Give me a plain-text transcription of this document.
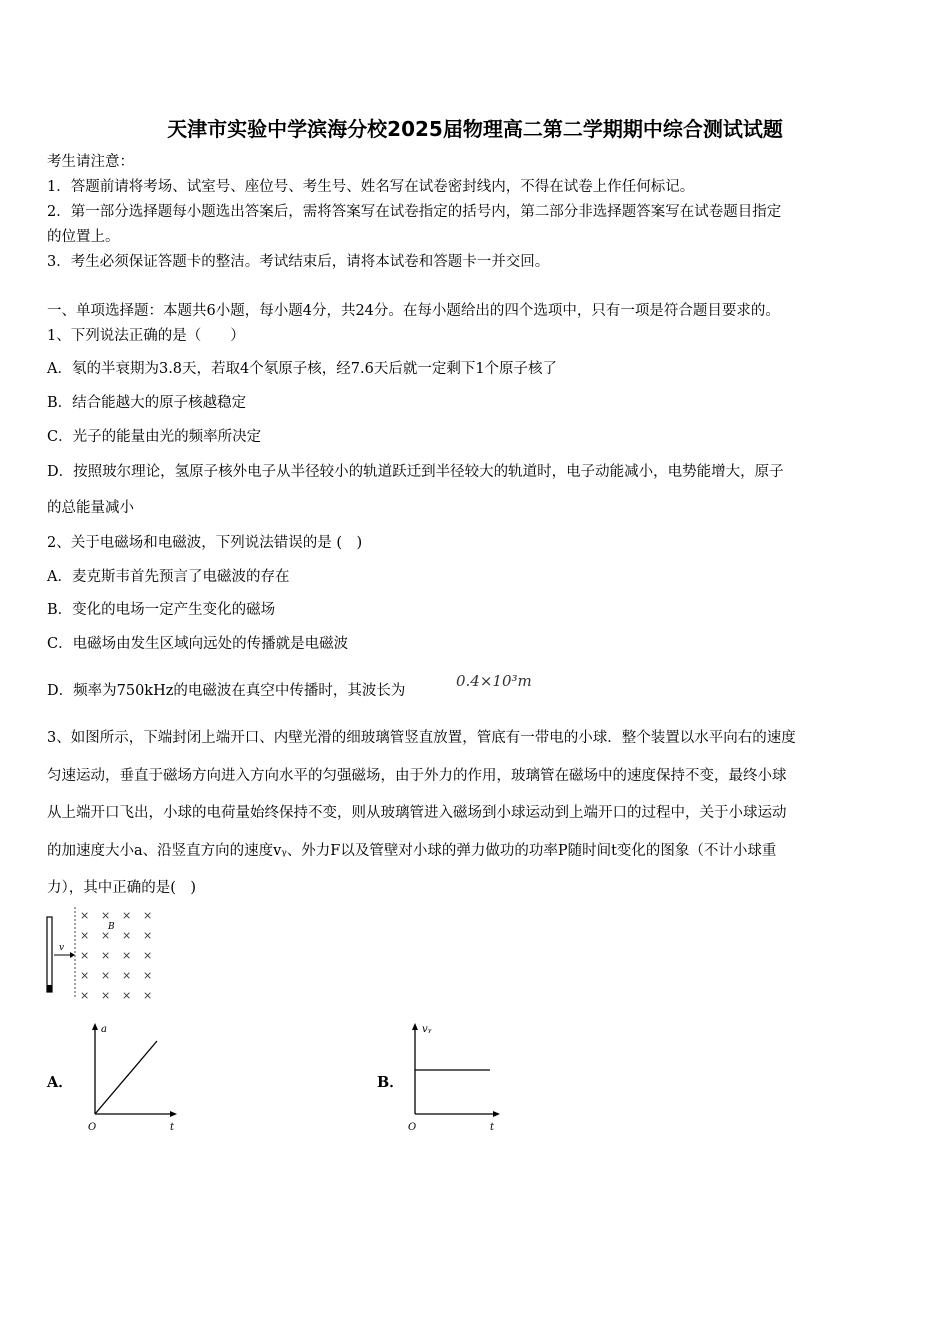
天津市实验中学滨海分校2025届物理高二第二学期期中综合测试试题
考生请注意：
1．答题前请将考场、试室号、座位号、考生号、姓名写在试卷密封线内，不得在试卷上作任何标记。
2．第一部分选择题每小题选出答案后，需将答案写在试卷指定的括号内，第二部分非选择题答案写在试卷题目指定
的位置上。
3．考生必须保证答题卡的整洁。考试结束后，请将本试卷和答题卡一并交回。
一、单项选择题：本题共6小题，每小题4分，共24分。在每小题给出的四个选项中，只有一项是符合题目要求的。
1、下列说法正确的是（　　）
A．氡的半衰期为3.8天，若取4个氡原子核，经7.6天后就一定剩下1个原子核了
B．结合能越大的原子核越稳定
C．光子的能量由光的频率所决定
D．按照玻尔理论，氢原子核外电子从半径较小的轨道跃迁到半径较大的轨道时，电子动能减小，电势能增大，原子
的总能量减小
2、关于电磁场和电磁波，下列说法错误的是 (　)
A．麦克斯韦首先预言了电磁波的存在
B．变化的电场一定产生变化的磁场
C．电磁场由发生区域向远处的传播就是电磁波
D．频率为750kHz的电磁波在真空中传播时，其波长为
0.4×10³m
3、如图所示，下端封闭上端开口、内壁光滑的细玻璃管竖直放置，管底有一带电的小球．整个装置以水平向右的速度
匀速运动，垂直于磁场方向进入方向水平的匀强磁场，由于外力的作用，玻璃管在磁场中的速度保持不变，最终小球
从上端开口飞出，小球的电荷量始终保持不变，则从玻璃管进入磁场到小球运动到上端开口的过程中，关于小球运动
的加速度大小a、沿竖直方向的速度vᵧ、外力F以及管壁对小球的弹力做功的功率P随时间t变化的图象（不计小球重
力），其中正确的是(　)
v
B
× × × ×
× × × ×
× × × ×
× × × ×
× × × ×
A．
a
O	t
B．
vᵧ
O	t
